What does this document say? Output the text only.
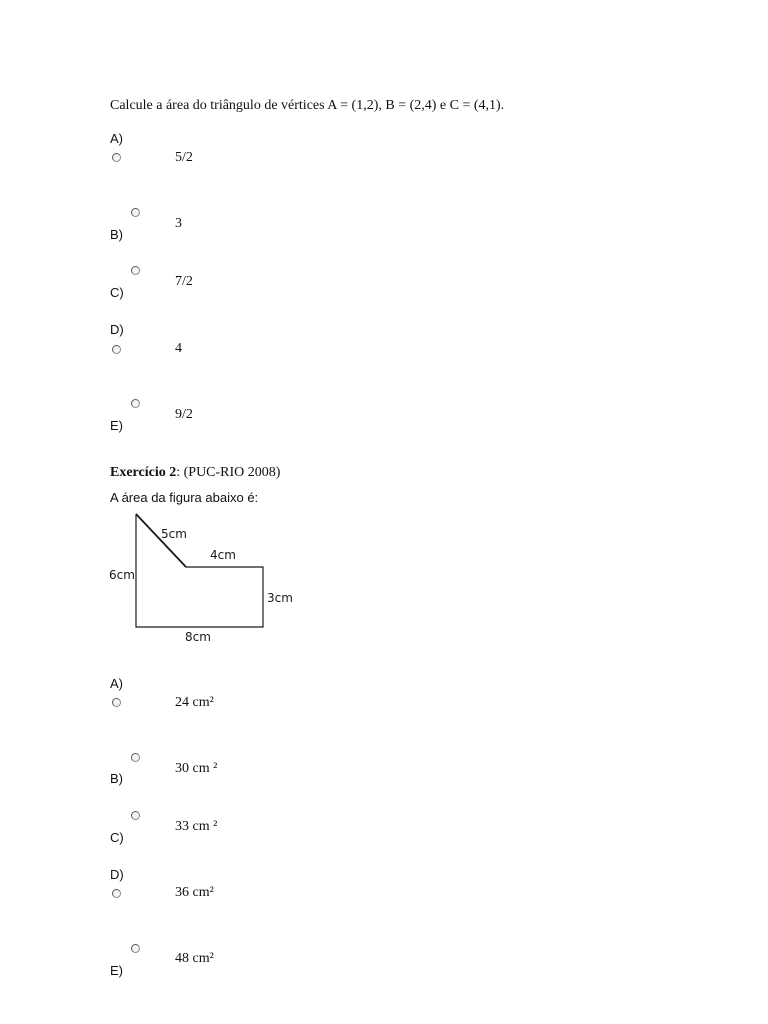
Calcule a área do triângulo de vértices A = (1,2), B = (2,4) e C = (4,1).
A)
5/2
3
B)
7/2
C)
D)
4
9/2
E)
Exercício 2: (PUC-RIO 2008)
A área da figura abaixo é:
6cm
5cm
4cm
3cm
8cm
A)
24 cm²
30 cm ²
B)
33 cm ²
C)
D)
36 cm²
48 cm²
E)
